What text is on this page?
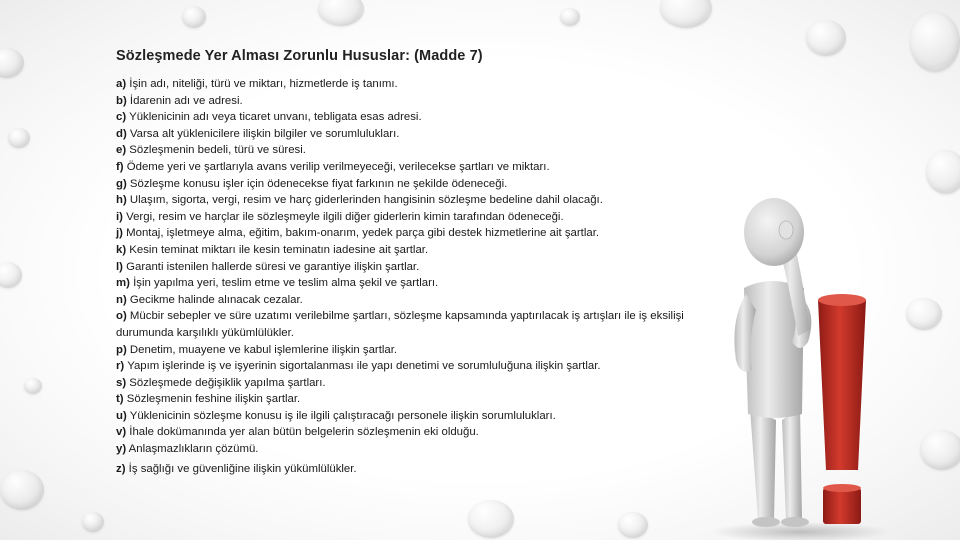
Sözleşmede Yer Alması Zorunlu Hususlar: (Madde 7)
a) İşin adı, niteliği, türü ve miktarı, hizmetlerde iş tanımı.
b) İdarenin adı ve adresi.
c) Yüklenicinin adı veya ticaret unvanı, tebligata esas adresi.
d) Varsa alt yüklenicilere ilişkin bilgiler ve sorumlulukları.
e) Sözleşmenin bedeli, türü ve süresi.
f) Ödeme yeri ve şartlarıyla avans verilip verilmeyeceği, verilecekse şartları ve miktarı.
g) Sözleşme konusu işler için ödenecekse fiyat farkının ne şekilde ödeneceği.
h) Ulaşım, sigorta, vergi, resim ve harç giderlerinden hangisinin sözleşme bedeline dahil olacağı.
i) Vergi, resim ve harçlar ile sözleşmeyle ilgili diğer giderlerin kimin tarafından ödeneceği.
j) Montaj, işletmeye alma, eğitim, bakım-onarım, yedek parça gibi destek hizmetlerine ait şartlar.
k) Kesin teminat miktarı ile kesin teminatın iadesine ait şartlar.
l) Garanti istenilen hallerde süresi ve garantiye ilişkin şartlar.
m) İşin yapılma yeri, teslim etme ve teslim alma şekil ve şartları.
n) Gecikme halinde alınacak cezalar.
o) Mücbir sebepler ve süre uzatımı verilebilme şartları, sözleşme kapsamında yaptırılacak iş artışları ile iş eksilişi durumunda karşılıklı yükümlülükler.
p) Denetim, muayene ve kabul işlemlerine ilişkin şartlar.
r) Yapım işlerinde iş ve işyerinin sigortalanması ile yapı denetimi ve sorumluluğuna ilişkin şartlar.
s) Sözleşmede değişiklik yapılma şartları.
t) Sözleşmenin feshine ilişkin şartlar.
u) Yüklenicinin sözleşme konusu iş ile ilgili çalıştıracağı personele ilişkin sorumlulukları.
v) İhale dokümanında yer alan bütün belgelerin sözleşmenin eki olduğu.
y) Anlaşmazlıkların çözümü.
z) İş sağlığı ve güvenliğine ilişkin yükümlülükler.
